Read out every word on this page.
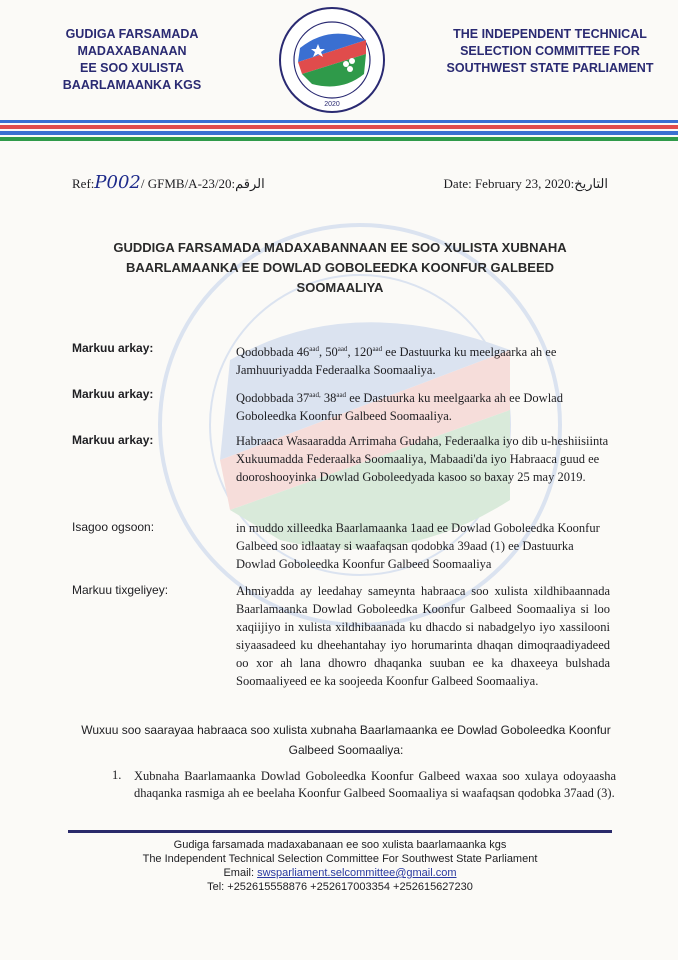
GUDIGA FARSAMADA MADAXABANAAN
EE SOO XULISTA
BAARLAMAANKA KGS
2020
THE INDEPENDENT TECHNICAL
SELECTION COMMITTEE FOR
SOUTHWEST STATE PARLIAMENT
Ref:P002/ GFMB/A-23/20:الرقم	Date: February 23, 2020:التاريخ
GUDDIGA FARSAMADA MADAXABANNAAN EE SOO XULISTA XUBNAHA
BAARLAMAANKA EE DOWLAD GOBOLEEDKA KOONFUR GALBEED
SOOMAALIYA
Markuu arkay:	Qodobbada $46^{aad}$, $50^{aad}$, $120^{aad}$ ee Dastuurka ku meelgaarka ah ee Jamhuuriyadda Federaalka Soomaaliya.
Markuu arkay:	Qodobbada $37^{aad,}$ $38^{aad}$ ee Dastuurka ku meelgaarka ah ee Dowlad Goboleedka Koonfur Galbeed Soomaaliya.
Markuu arkay:	Habraaca Wasaaradda Arrimaha Gudaha, Federaalka iyo dib u-heshiisiinta Xukuumadda Federaalka Soomaaliya, Mabaadi'da iyo Habraaca guud ee dooroshooyinka Dowlad Goboleedyada kasoo so baxay 25 may 2019.
Isagoo ogsoon:	in muddo xilleedka Baarlamaanka 1aad ee Dowlad Goboleedka Koonfur Galbeed soo idlaatay si waafaqsan qodobka 39aad (1) ee Dastuurka Dowlad Goboleedka Koonfur Galbeed Soomaaliya
Markuu tixgeliyey:	Ahmiyadda ay leedahay sameynta habraaca soo xulista xildhibaannada Baarlamaanka Dowlad Goboleedka Koonfur Galbeed Soomaaliya si loo xaqiijiyo in xulista xildhibaanada ku dhacdo si nabadgelyo iyo xassilooni siyaasadeed ku dheehantahay iyo horumarinta dhaqan dimoqraadiyadeed oo xor ah lana dhowro dhaqanka suuban ee ka dhaxeeya bulshada Soomaaliyeed ee ka soojeeda Koonfur Galbeed Soomaaliya.
Wuxuu soo saarayaa habraaca soo xulista xubnaha Baarlamaanka ee Dowlad Goboleedka Koonfur Galbeed Soomaaliya:
1. Xubnaha Baarlamaanka Dowlad Goboleedka Koonfur Galbeed waxaa soo xulaya odoyaasha dhaqanka rasmiga ah ee beelaha Koonfur Galbeed Soomaaliya si waafaqsan qodobka 37aad (3).
Gudiga farsamada madaxabanaan ee soo xulista baarlamaanka kgs
The Independent Technical Selection Committee For Southwest State Parliament
Email: swsparliament.selcommittee@gmail.com
Tel: +252615558876 +252617003354 +252615627230
